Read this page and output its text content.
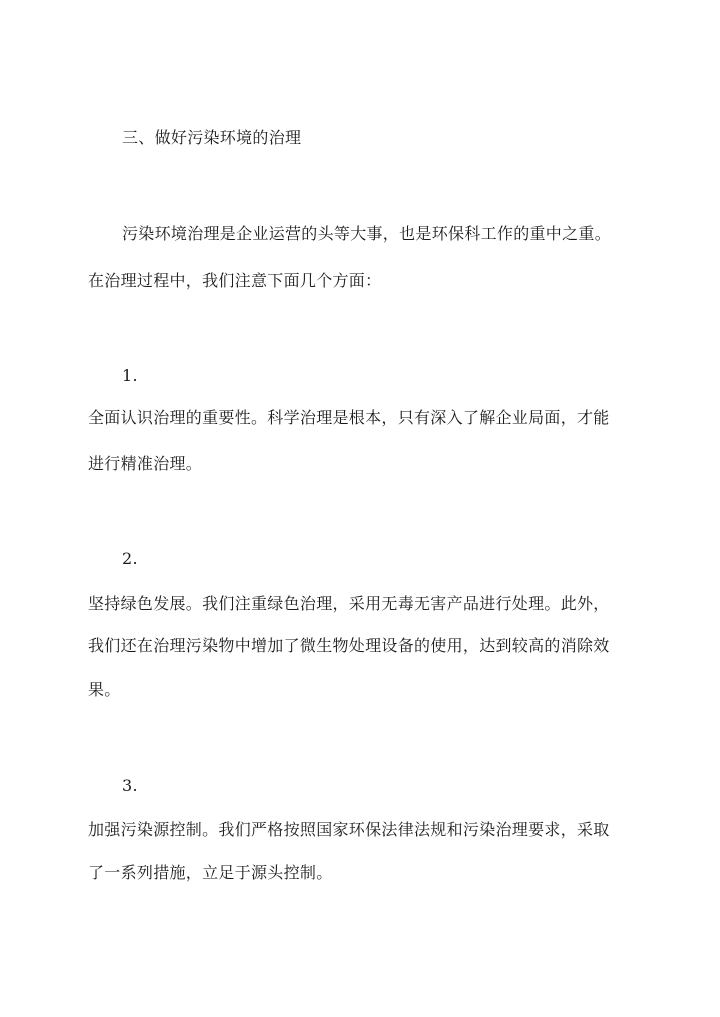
三、做好污染环境的治理
污染环境治理是企业运营的头等大事，也是环保科工作的重中之重。
在治理过程中，我们注意下面几个方面：
1.
全面认识治理的重要性。科学治理是根本，只有深入了解企业局面，才能
进行精准治理。
2.
坚持绿色发展。我们注重绿色治理，采用无毒无害产品进行处理。此外，
我们还在治理污染物中增加了微生物处理设备的使用，达到较高的消除效
果。
3.
加强污染源控制。我们严格按照国家环保法律法规和污染治理要求，采取
了一系列措施，立足于源头控制。
